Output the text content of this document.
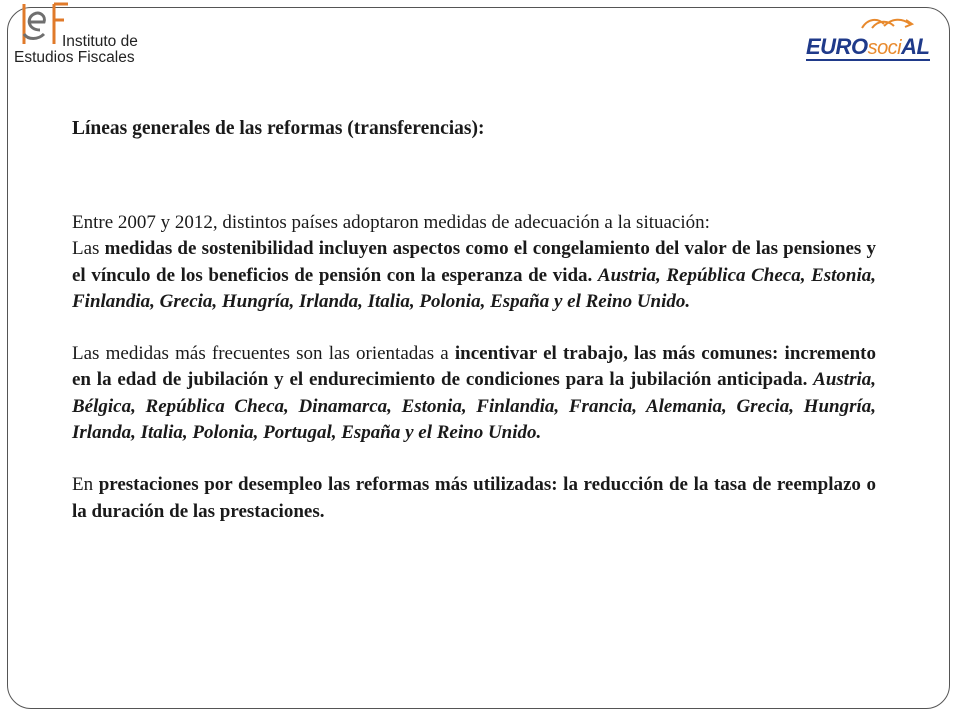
Instituto de
Estudios Fiscales	EUROsociAL

Líneas generales de las reformas (transferencias):

Entre 2007 y 2012, distintos países adoptaron medidas de adecuación a la situación:

Las medidas de sostenibilidad incluyen aspectos como el congelamiento del valor de las pensiones y el vínculo de los beneficios de pensión con la esperanza de vida. Austria, República Checa, Estonia, Finlandia, Grecia, Hungría, Irlanda, Italia, Polonia, España y el Reino Unido.

Las medidas más frecuentes son las orientadas a incentivar el trabajo, las más comunes: incremento en la edad de jubilación y el endurecimiento de condiciones para la jubilación anticipada. Austria, Bélgica, República Checa, Dinamarca, Estonia, Finlandia, Francia, Alemania, Grecia, Hungría, Irlanda, Italia, Polonia, Portugal, España y el Reino Unido.

En prestaciones por desempleo las reformas más utilizadas: la reducción de la tasa de reemplazo o la duración de las prestaciones.
